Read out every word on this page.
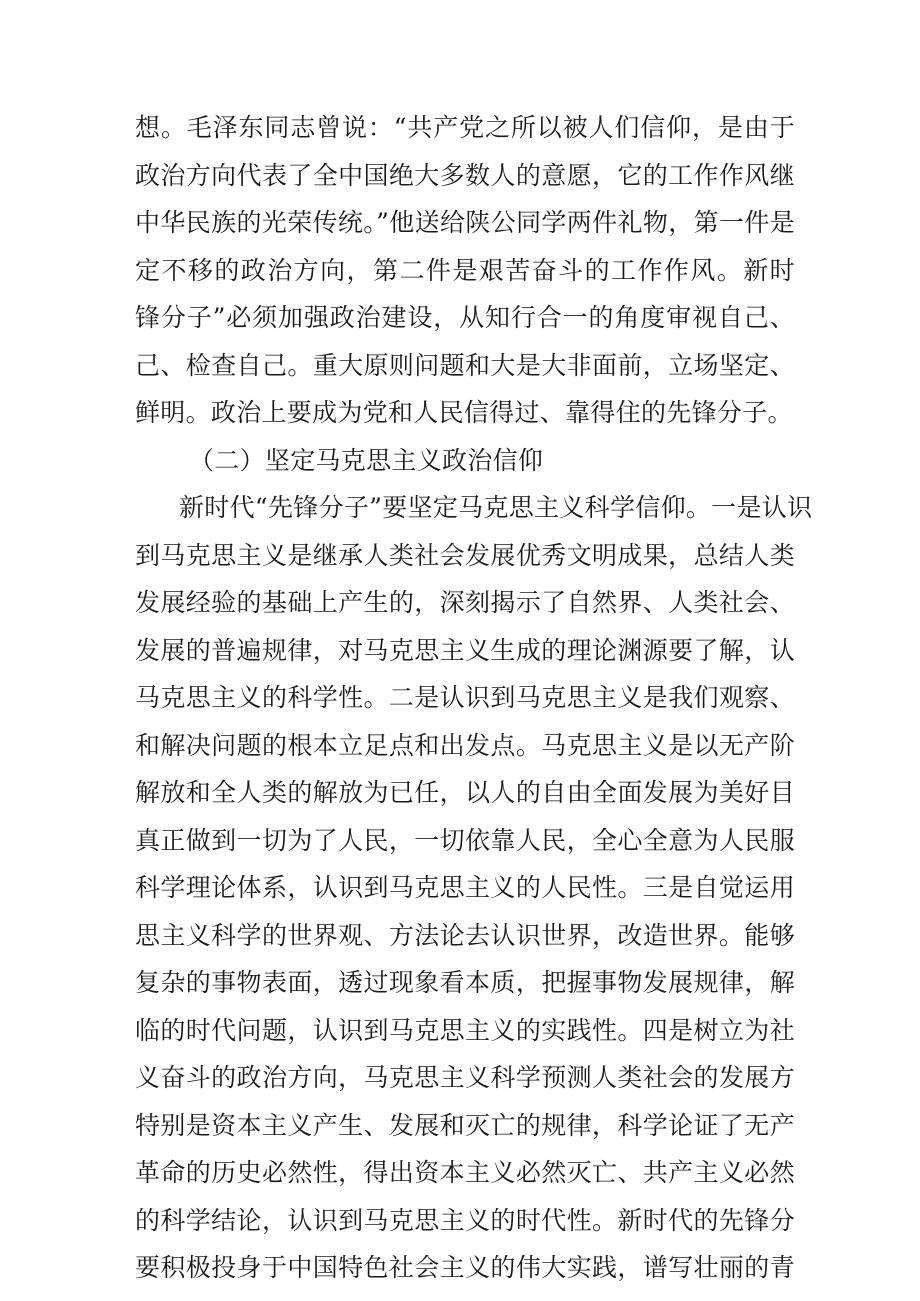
想。毛泽东同志曾说：“共产党之所以被人们信仰，是由于
政治方向代表了全中国绝大多数人的意愿，它的工作作风继
中华民族的光荣传统。”他送给陕公同学两件礼物，第一件是
定不移的政治方向，第二件是艰苦奋斗的工作作风。新时
锋分子”必须加强政治建设，从知行合一的角度审视自己、
己、检查自己。重大原则问题和大是大非面前，立场坚定、
鲜明。政治上要成为党和人民信得过、靠得住的先锋分子。
（二）坚定马克思主义政治信仰
新时代“先锋分子”要坚定马克思主义科学信仰。一是认识
到马克思主义是继承人类社会发展优秀文明成果，总结人类
发展经验的基础上产生的，深刻揭示了自然界、人类社会、
发展的普遍规律，对马克思主义生成的理论渊源要了解，认
马克思主义的科学性。二是认识到马克思主义是我们观察、
和解决问题的根本立足点和出发点。马克思主义是以无产阶
解放和全人类的解放为已任，以人的自由全面发展为美好目
真正做到一切为了人民，一切依靠人民，全心全意为人民服
科学理论体系，认识到马克思主义的人民性。三是自觉运用
思主义科学的世界观、方法论去认识世界，改造世界。能够
复杂的事物表面，透过现象看本质，把握事物发展规律，解
临的时代问题，认识到马克思主义的实践性。四是树立为社
义奋斗的政治方向，马克思主义科学预测人类社会的发展方
特别是资本主义产生、发展和灭亡的规律，科学论证了无产
革命的历史必然性，得出资本主义必然灭亡、共产主义必然
的科学结论，认识到马克思主义的时代性。新时代的先锋分
要积极投身于中国特色社会主义的伟大实践，谱写壮丽的青
